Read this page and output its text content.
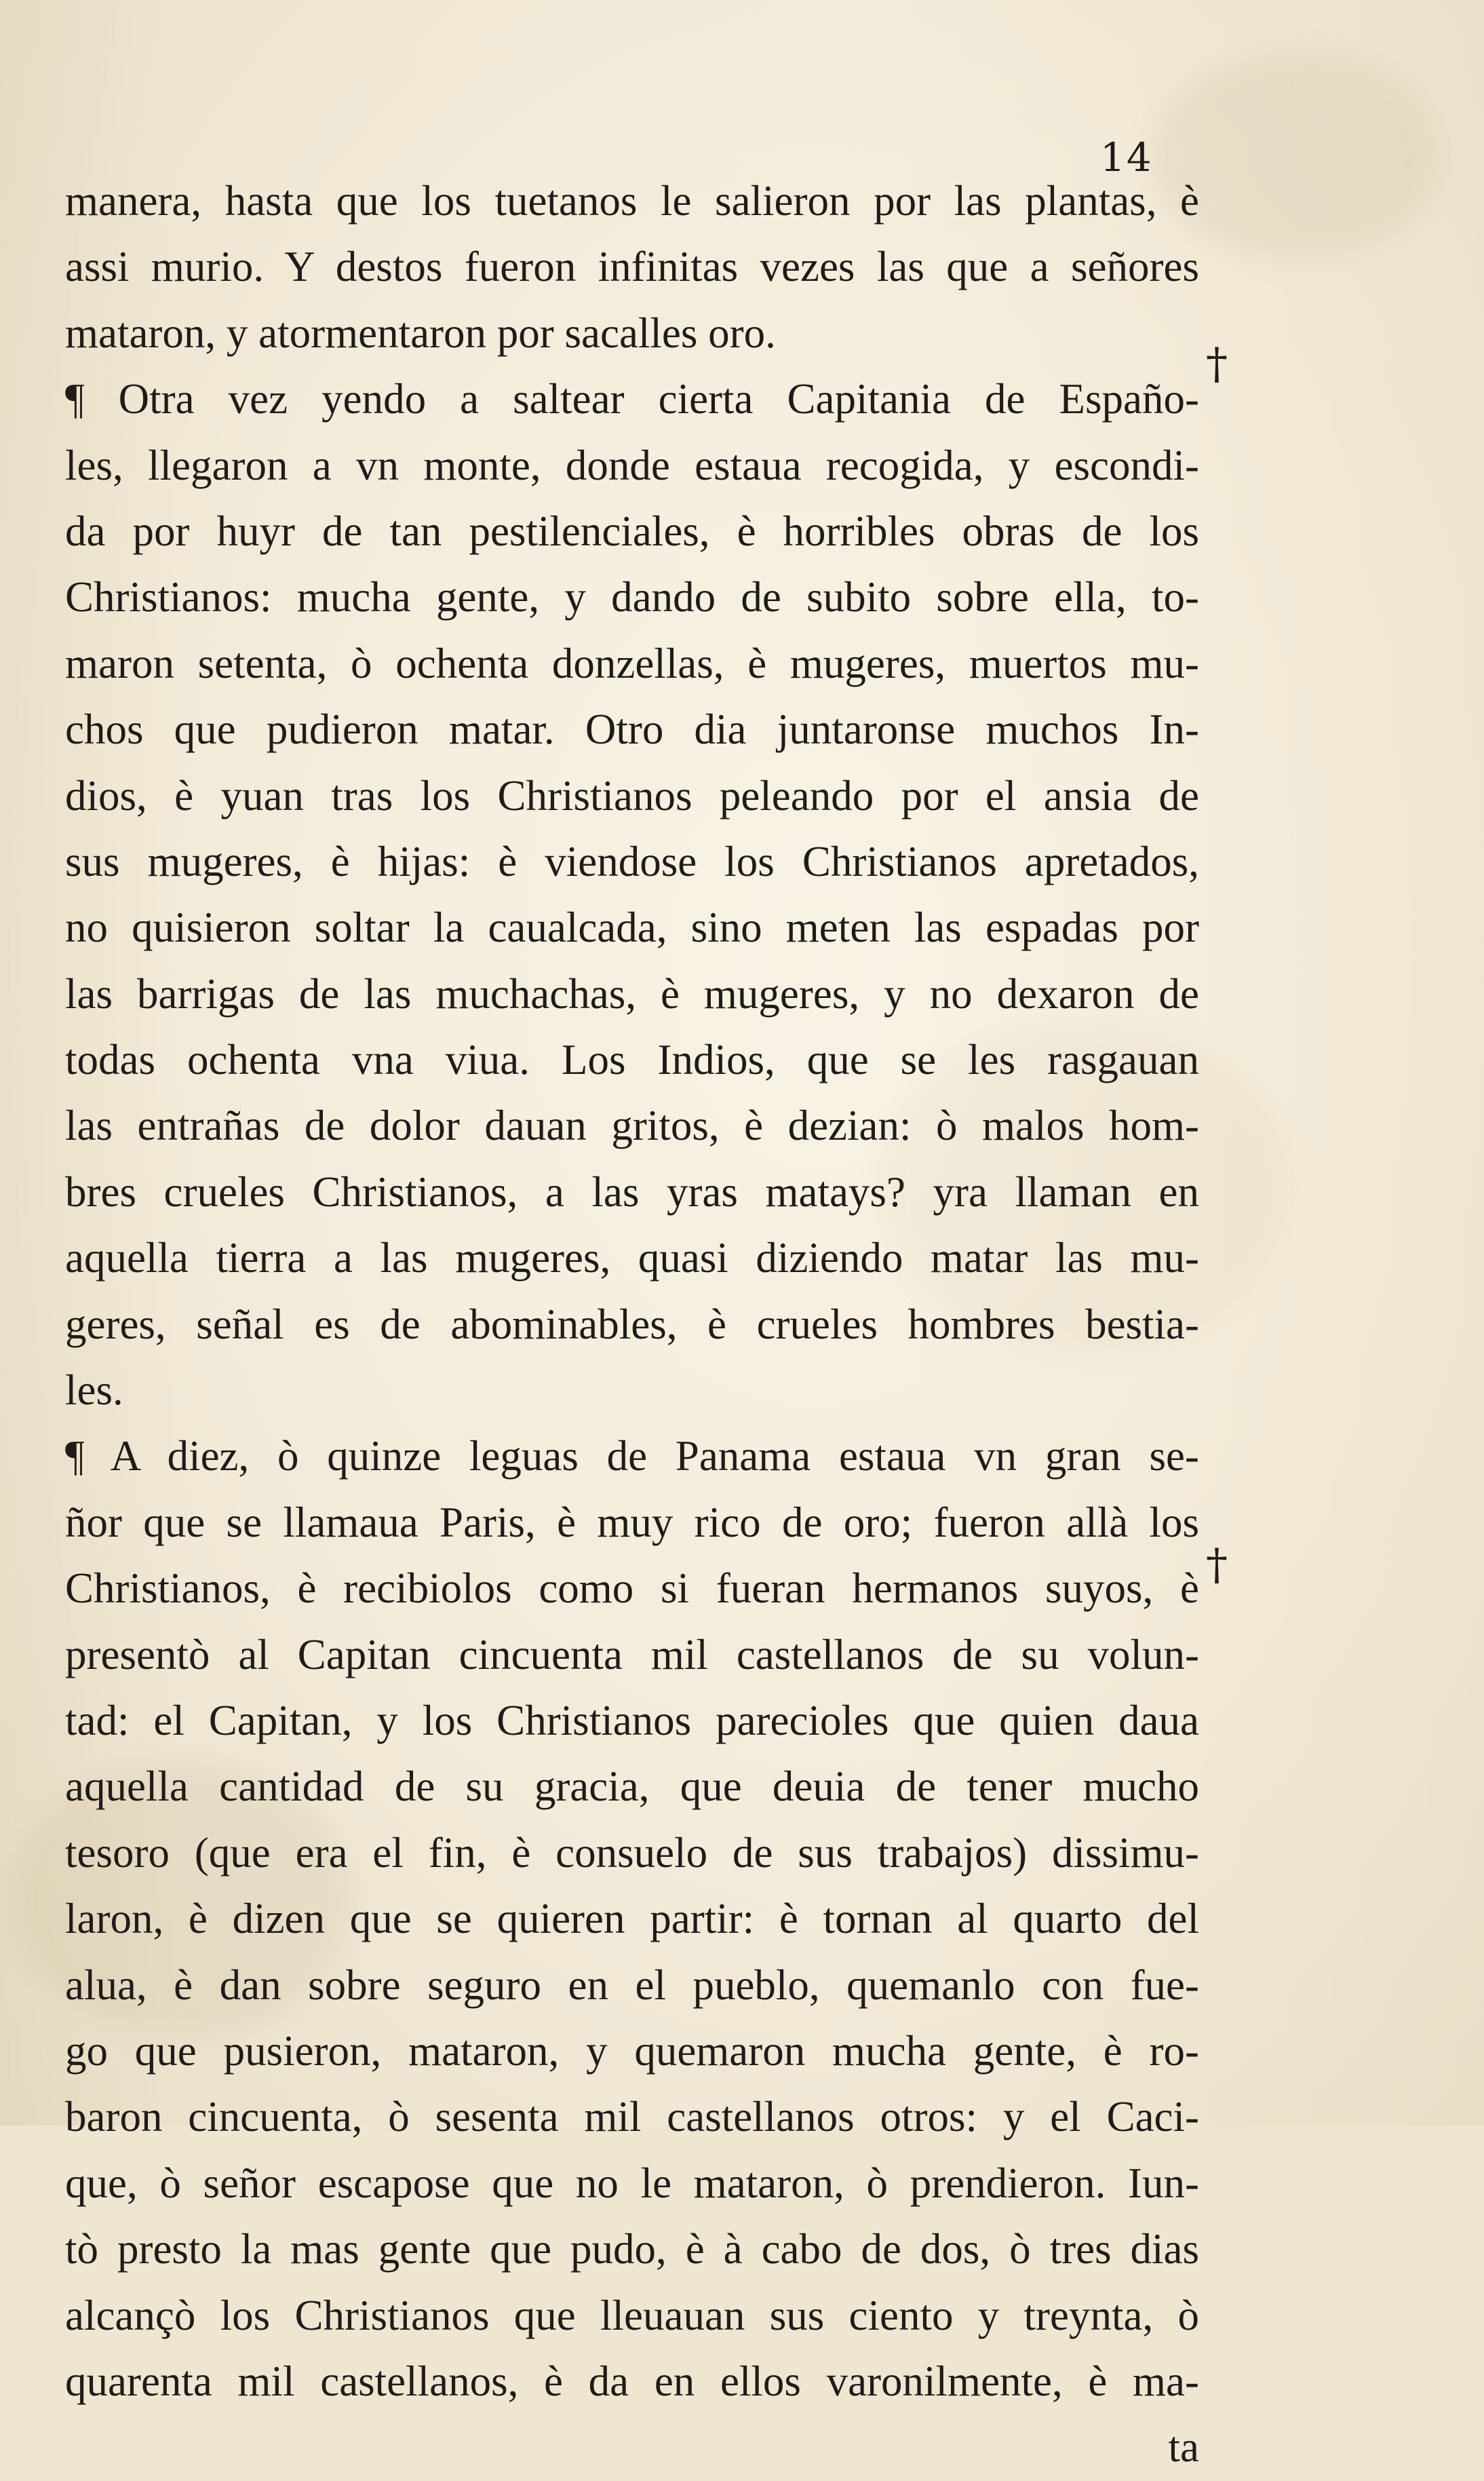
14
manera, hasta que los tuetanos le salieron por las plantas, è
assi murio. Y destos fueron infinitas vezes las que a señores
mataron, y atormentaron por sacalles oro.
¶ Otra vez yendo a saltear cierta Capitania de Españo-
les, llegaron a vn monte, donde estaua recogida, y escondi-
da por huyr de tan pestilenciales, è horribles obras de los
Christianos: mucha gente, y dando de subito sobre ella, to-
maron setenta, ò ochenta donzellas, è mugeres, muertos mu-
chos que pudieron matar. Otro dia juntaronse muchos In-
dios, è yuan tras los Christianos peleando por el ansia de
sus mugeres, è hijas: è viendose los Christianos apretados,
no quisieron soltar la caualcada, sino meten las espadas por
las barrigas de las muchachas, è mugeres, y no dexaron de
todas ochenta vna viua. Los Indios, que se les rasgauan
las entrañas de dolor dauan gritos, è dezian: ò malos hom-
bres crueles Christianos, a las yras matays? yra llaman en
aquella tierra a las mugeres, quasi diziendo matar las mu-
geres, señal es de abominables, è crueles hombres bestia-
les.
¶ A diez, ò quinze leguas de Panama estaua vn gran se-
ñor que se llamaua Paris, è muy rico de oro; fueron allà los
Christianos, è recibiolos como si fueran hermanos suyos, è
presentò al Capitan cincuenta mil castellanos de su volun-
tad: el Capitan, y los Christianos parecioles que quien daua
aquella cantidad de su gracia, que deuia de tener mucho
tesoro (que era el fin, è consuelo de sus trabajos) dissimu-
laron, è dizen que se quieren partir: è tornan al quarto del
alua, è dan sobre seguro en el pueblo, quemanlo con fue-
go que pusieron, mataron, y quemaron mucha gente, è ro-
baron cincuenta, ò sesenta mil castellanos otros: y el Caci-
que, ò señor escapose que no le mataron, ò prendieron. Iun-
tò presto la mas gente que pudo, è à cabo de dos, ò tres dias
alcançò los Christianos que lleuauan sus ciento y treynta, ò
quarenta mil castellanos, è da en ellos varonilmente, è ma-
ta
†
†
